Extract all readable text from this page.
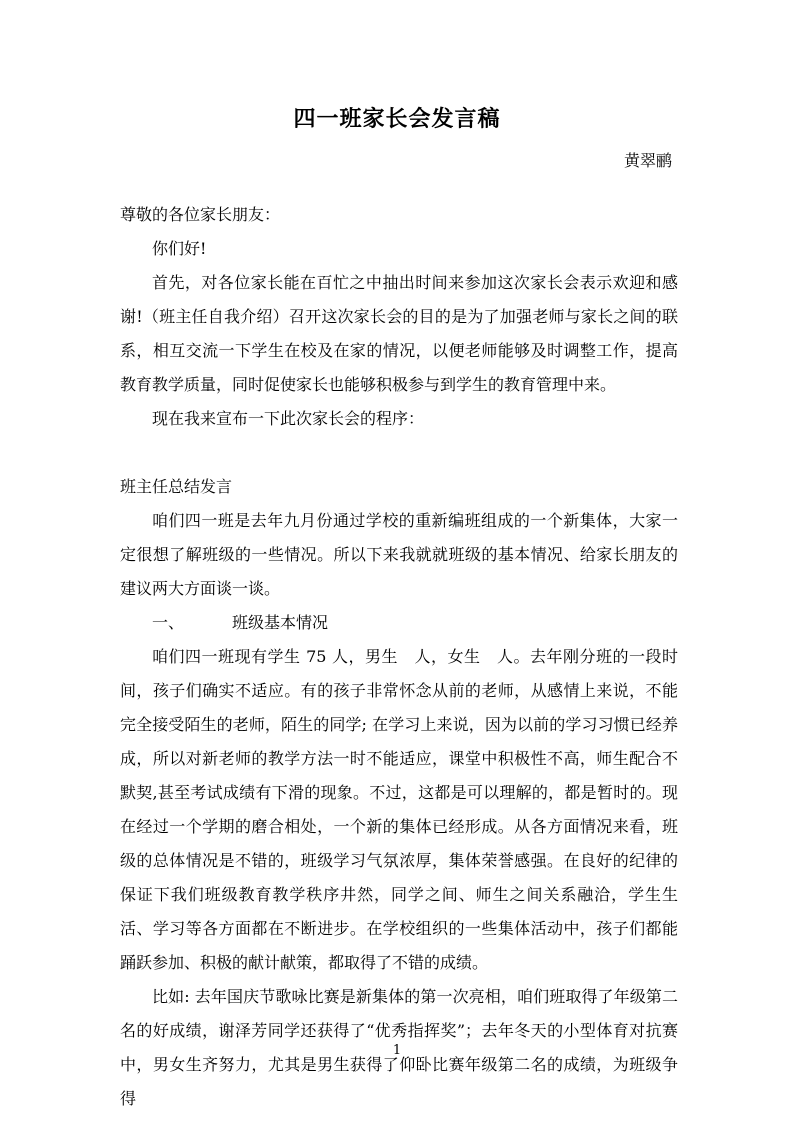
四一班家长会发言稿
黄翠鹂

尊敬的各位家长朋友：

你们好!

首先，对各位家长能在百忙之中抽出时间来参加这次家长会表示欢迎和感谢!（班主任自我介绍）召开这次家长会的目的是为了加强老师与家长之间的联系，相互交流一下学生在校及在家的情况，以便老师能够及时调整工作，提高教育教学质量，同时促使家长也能够积极参与到学生的教育管理中来。

现在我来宣布一下此次家长会的程序：

班主任总结发言

咱们四一班是去年九月份通过学校的重新编班组成的一个新集体，大家一定很想了解班级的一些情况。所以下来我就就班级的基本情况、给家长朋友的建议两大方面谈一谈。

一、	班级基本情况

咱们四一班现有学生 75 人，男生　人，女生　人。去年刚分班的一段时间，孩子们确实不适应。有的孩子非常怀念从前的老师，从感情上来说，不能完全接受陌生的老师，陌生的同学; 在学习上来说，因为以前的学习习惯已经养成，所以对新老师的教学方法一时不能适应，课堂中积极性不高，师生配合不默契,甚至考试成绩有下滑的现象。不过，这都是可以理解的，都是暂时的。现在经过一个学期的磨合相处，一个新的集体已经形成。从各方面情况来看，班级的总体情况是不错的，班级学习气氛浓厚，集体荣誉感强。在良好的纪律的保证下我们班级教育教学秩序井然，同学之间、师生之间关系融洽，学生生活、学习等各方面都在不断进步。在学校组织的一些集体活动中，孩子们都能踊跃参加、积极的献计献策，都取得了不错的成绩。

比如: 去年国庆节歌咏比赛是新集体的第一次亮相，咱们班取得了年级第二名的好成绩，谢泽芳同学还获得了“优秀指挥奖”；去年冬天的小型体育对抗赛中，男女生齐努力，尤其是男生获得了仰卧比赛年级第二名的成绩，为班级争得

1
